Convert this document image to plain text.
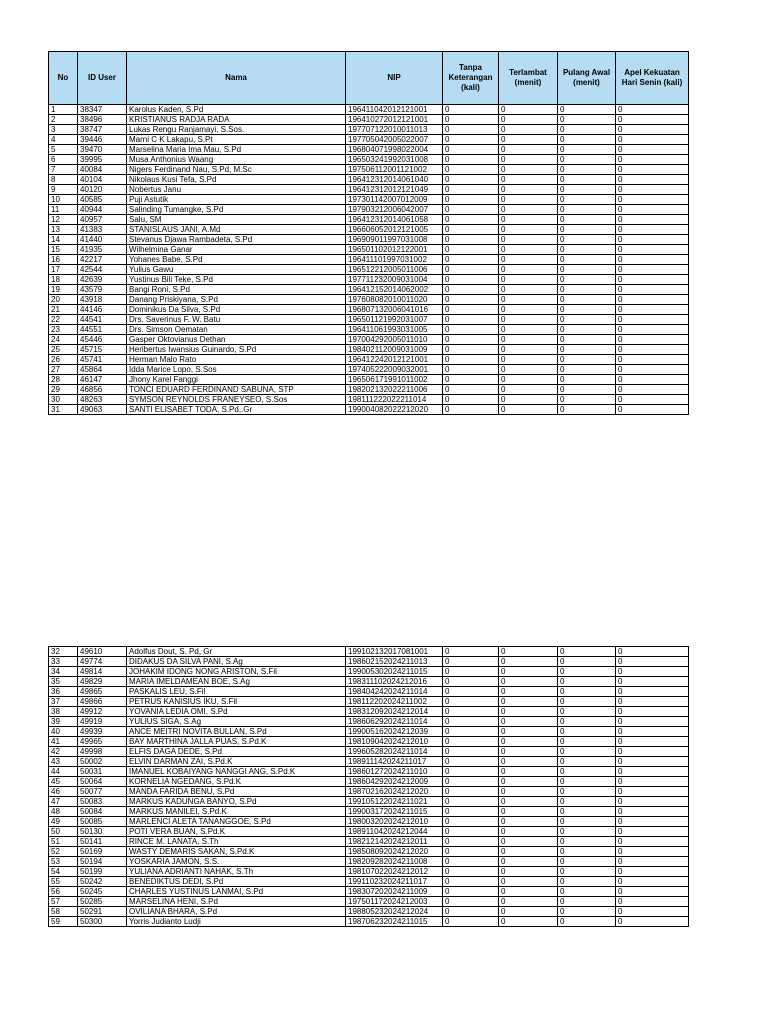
No	ID User	Nama	NIP	Tanpa Keterangan (kali)	Terlambat (menit)	Pulang Awal (menit)	Apel Kekuatan Hari Senin (kali)
1	38347	Karolus Kaden, S.Pd	196411042012121001	0	0	0	0
2	38496	KRISTIANUS RADJA RADA	196410272012121001	0	0	0	0
3	38747	Lukas Rengu Ranjamayi, S.Sos.	197707122010011013	0	0	0	0
4	39446	Marni C K Lakapu, S.Pt	197705042005022007	0	0	0	0
5	39470	Marselina Maria Ima Mau, S.Pd	196804071998022004	0	0	0	0
6	39995	Musa Anthonius Waang	196503241992031008	0	0	0	0
7	40084	Nigers Ferdinand Nau, S.Pd, M.Sc	197506112001121002	0	0	0	0
8	40104	Nikolaus Kusi Tefa, S.Pd	196412312014061040	0	0	0	0
9	40120	Nobertus Janu	196412312012121049	0	0	0	0
10	40585	Puji Astutik	197301142007012009	0	0	0	0
11	40944	Salinding Tumangke, S.Pd	197903212006042007	0	0	0	0
12	40957	Salu, SM	196412312014061058	0	0	0	0
13	41383	STANISLAUS JANI, A.Md	196606052012121005	0	0	0	0
14	41440	Stevanus Djawa Rambadeta, S.Pd	196909011997031008	0	0	0	0
15	41935	Wilhelmina Ganar	196501102012122001	0	0	0	0
16	42217	Yohanes Babe, S.Pd	196411101997031002	0	0	0	0
17	42544	Yulius Gawu	196512212005011006	0	0	0	0
18	42639	Yustinus Bili Teke, S.Pd	197711232009031004	0	0	0	0
19	43579	Bangi Roni, S.Pd	196412152014062002	0	0	0	0
20	43918	Danang Priskiyana, S.Pd	197608082010011020	0	0	0	0
21	44146	Dominikus Da Silva, S.Pd	196807132006041016	0	0	0	0
22	44541	Drs. Saverinus F. W. Batu	196501121992031007	0	0	0	0
23	44551	Drs. Simson Oematan	196411061993031005	0	0	0	0
24	45446	Gasper Oktovianus Dethan	197004292005011010	0	0	0	0
25	45715	Heribertus Iwansius Guinardo, S.Pd	198402112009031009	0	0	0	0
26	45741	Herman Malo Rato	196412242012121001	0	0	0	0
27	45864	Idda Marice Lopo, S.Sos	197405222009032001	0	0	0	0
28	46147	Jhony Karel Fanggi	196506171991011002	0	0	0	0
29	46856	TONCI EDUARD FERDINAND SABUNA, STP	198202132022211006	0	0	0	0
30	48263	SYMSON REYNOLDS FRANEYSEO, S.Sos	198111222022211014	0	0	0	0
31	49063	SANTI ELISABET TODA, S.Pd,.Gr	199004082022212020	0	0	0	0
32	49610	Adolfus Dout, S. Pd, Gr	199102132017081001	0	0	0	0
33	49774	DIDAKUS DA SILVA PANI, S.Ag	198602152024211013	0	0	0	0
34	49814	JOHAKIM IDONG NONG ARISTON, S.Fil	199005302024211015	0	0	0	0
35	49829	MARIA IMELDAMEAN BOE, S.Ag	198311102024212016	0	0	0	0
36	49865	PASKALIS LEU, S.Fil	198404242024211014	0	0	0	0
37	49866	PETRUS KANISIUS IKU, S.Fil	198112202024211002	0	0	0	0
38	49912	YOVANIA LEDIA OMI, S.Pd	198312092024212014	0	0	0	0
39	49919	YULIUS SIGA, S.Ag	198606292024211014	0	0	0	0
40	49939	ANCE MEITRI NOVITA BULLAN, S.Pd	199005162024212039	0	0	0	0
41	49965	BAY MARTHINA JALLA PUAS, S.Pd.K	198109042024212010	0	0	0	0
42	49998	ELFIS DAGA DEDE, S.Pd	199605282024211014	0	0	0	0
43	50002	ELVIN DARMAN ZAI, S.Pd.K	198911142024211017	0	0	0	0
44	50031	IMANUEL KOBAIYANG NANGGI ANG, S.Pd.K	198601272024211010	0	0	0	0
45	50064	KORNELIA NGEDANG, S.Pd.K	198604292024212009	0	0	0	0
46	50077	MANDA FARIDA BENU, S.Pd	198702162024212020	0	0	0	0
47	50083	MARKUS KADUNGA BANYO, S.Pd	199105122024211021	0	0	0	0
48	50084	MARKUS MANILEI, S.Pd.K	199003172024211015	0	0	0	0
49	50085	MARLENCI ALETA TANANGGOE, S.Pd	198003202024212010	0	0	0	0
50	50130	POTI VERA BUAN, S.Pd.K	198911042024212044	0	0	0	0
51	50141	RINCE M. LANATA, S.Th	198212142024212011	0	0	0	0
52	50169	WASTY DEMARIS SAKAN, S.Pd.K	198508092024212020	0	0	0	0
53	50194	YOSKARIA JAMON, S.S.	198209282024211008	0	0	0	0
54	50199	YULIANA ADRIANTI NAHAK, S.Th	198107022024212012	0	0	0	0
55	50242	BENEDIKTUS DEDI, S.Pd	199110232024211017	0	0	0	0
56	50245	CHARLES YUSTINUS LANMAI, S.Pd	198307202024211009	0	0	0	0
57	50285	MARSELINA HENI, S.Pd	197501172024212003	0	0	0	0
58	50291	OVILIANA BHARA, S.Pd	198805232024212024	0	0	0	0
59	50300	Yorris Judianto Ludji	198706232024211015	0	0	0	0
